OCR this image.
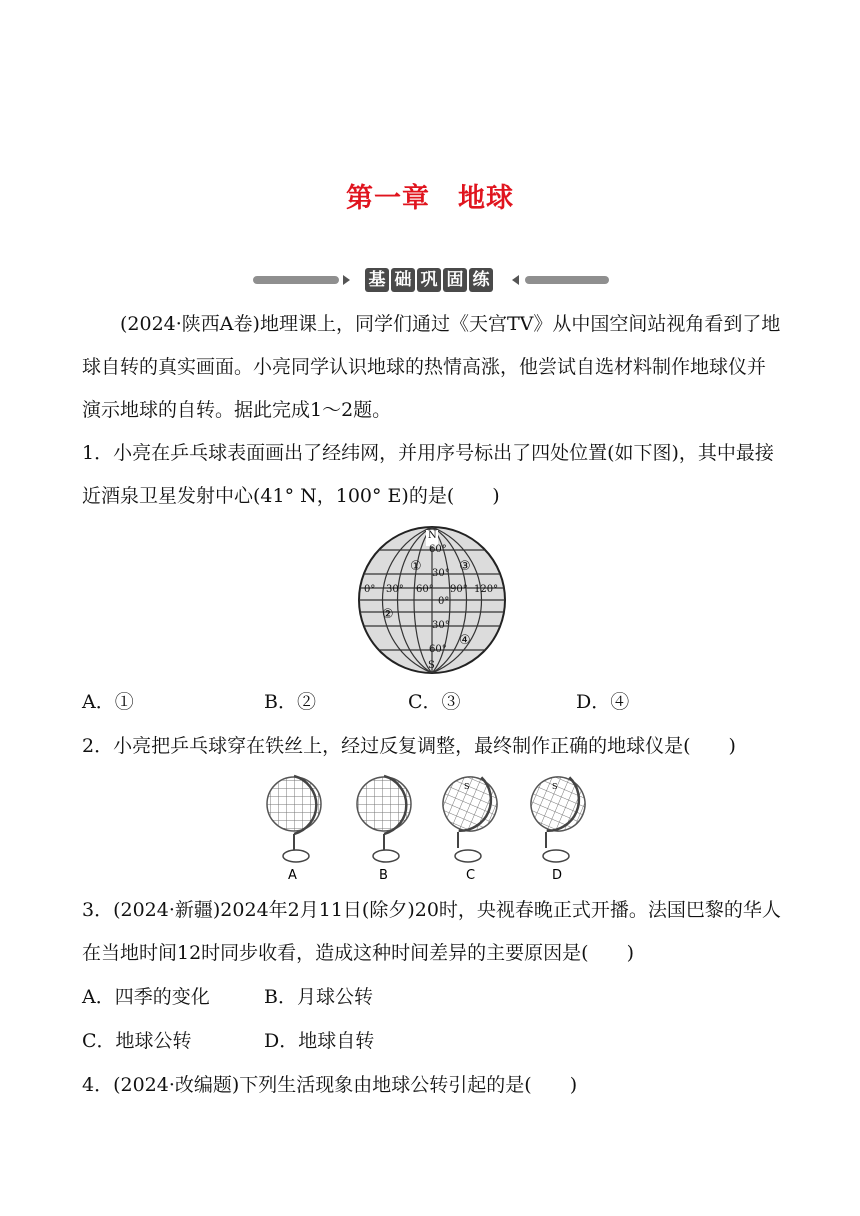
第一章　地球
基 础 巩 固 练

(2024·陕西A卷)地理课上，同学们通过《天宫TV》从中国空间站视角看到了地球自转的真实画面。小亮同学认识地球的热情高涨，他尝试自选材料制作地球仪并演示地球的自转。据此完成1～2题。

1．小亮在乒乓球表面画出了经纬网，并用序号标出了四处位置(如下图)，其中最接近酒泉卫星发射中心(41° N，100° E)的是(　　)

N
60°
30°
0° 30° 60° 90° 120°
0°
30°
60°
S
①
②
③
④
A．①	B．②	C．③	D．④
2．小亮把乒乓球穿在铁丝上，经过反复调整，最终制作正确的地球仪是(　　)
A	B
S
C
S
D

3．(2024·新疆)2024年2月11日(除夕)20时，央视春晚正式开播。法国巴黎的华人在当地时间12时同步收看，造成这种时间差异的主要原因是(　　)

A．四季的变化	B．月球公转
C．地球公转	D．地球自转
4．(2024·改编题)下列生活现象由地球公转引起的是(　　)
